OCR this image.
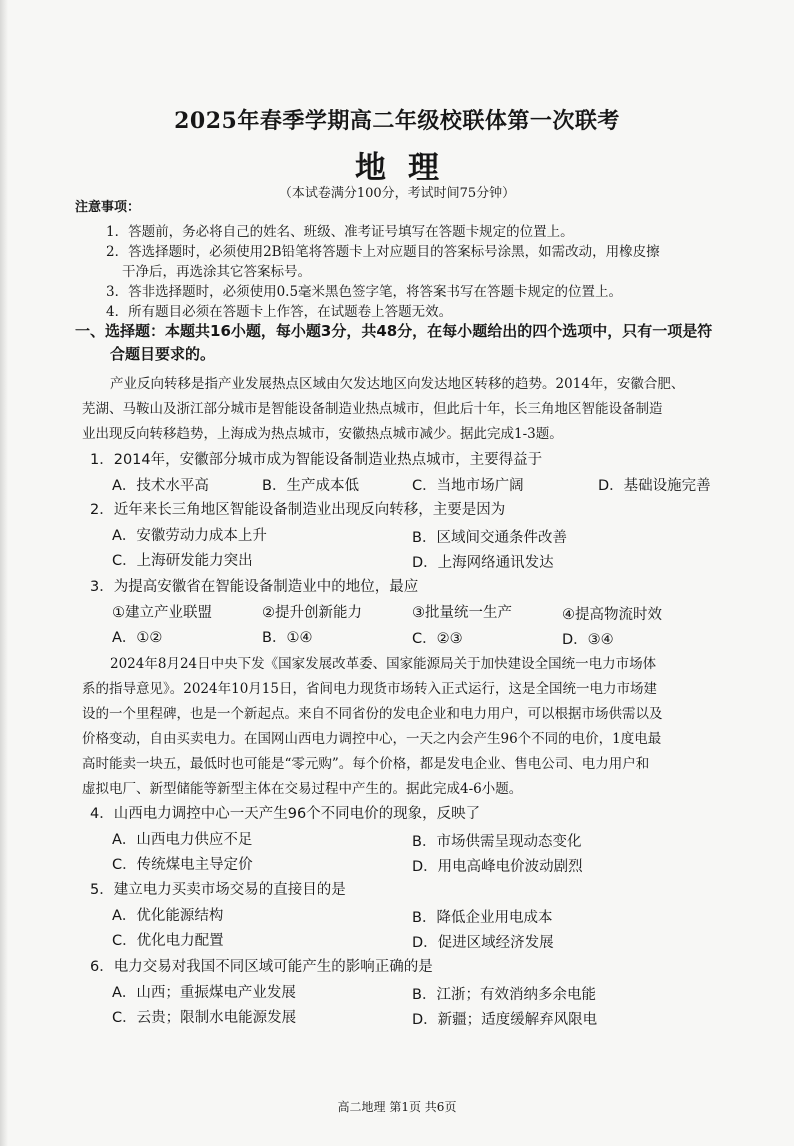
2025年春季学期高二年级校联体第一次联考
地理
（本试卷满分100分，考试时间75分钟）
注意事项：
1．答题前，务必将自己的姓名、班级、准考证号填写在答题卡规定的位置上。
2．答选择题时，必须使用2B铅笔将答题卡上对应题目的答案标号涂黑，如需改动，用橡皮擦
干净后，再选涂其它答案标号。
3．答非选择题时，必须使用0.5毫米黑色签字笔，将答案书写在答题卡规定的位置上。
4．所有题目必须在答题卡上作答，在试题卷上答题无效。
一、选择题：本题共16小题，每小题3分，共48分，在每小题给出的四个选项中，只有一项是符
合题目要求的。
产业反向转移是指产业发展热点区域由欠发达地区向发达地区转移的趋势。2014年，安徽合肥、
芜湖、马鞍山及浙江部分城市是智能设备制造业热点城市，但此后十年，长三角地区智能设备制造
业出现反向转移趋势，上海成为热点城市，安徽热点城市减少。据此完成1-3题。
1．2014年，安徽部分城市成为智能设备制造业热点城市，主要得益于
A．技术水平高	B．生产成本低	C．当地市场广阔	D．基础设施完善
2．近年来长三角地区智能设备制造业出现反向转移，主要是因为
A．安徽劳动力成本上升	B．区域间交通条件改善
C．上海研发能力突出	D．上海网络通讯发达
3．为提高安徽省在智能设备制造业中的地位，最应
①建立产业联盟	②提升创新能力	③批量统一生产	④提高物流时效
A．①②	B．①④	C．②③	D．③④
2024年8月24日中央下发《国家发展改革委、国家能源局关于加快建设全国统一电力市场体
系的指导意见》。2024年10月15日，省间电力现货市场转入正式运行，这是全国统一电力市场建
设的一个里程碑，也是一个新起点。来自不同省份的发电企业和电力用户，可以根据市场供需以及
价格变动，自由买卖电力。在国网山西电力调控中心，一天之内会产生96个不同的电价，1度电最
高时能卖一块五，最低时也可能是“零元购”。每个价格，都是发电企业、售电公司、电力用户和
虚拟电厂、新型储能等新型主体在交易过程中产生的。据此完成4-6小题。
4．山西电力调控中心一天产生96个不同电价的现象，反映了
A．山西电力供应不足	B．市场供需呈现动态变化
C．传统煤电主导定价	D．用电高峰电价波动剧烈
5．建立电力买卖市场交易的直接目的是
A．优化能源结构	B．降低企业用电成本
C．优化电力配置	D．促进区域经济发展
6．电力交易对我国不同区域可能产生的影响正确的是
A．山西；重振煤电产业发展	B．江浙；有效消纳多余电能
C．云贵；限制水电能源发展	D．新疆；适度缓解弃风限电
高二地理 第1页 共6页
